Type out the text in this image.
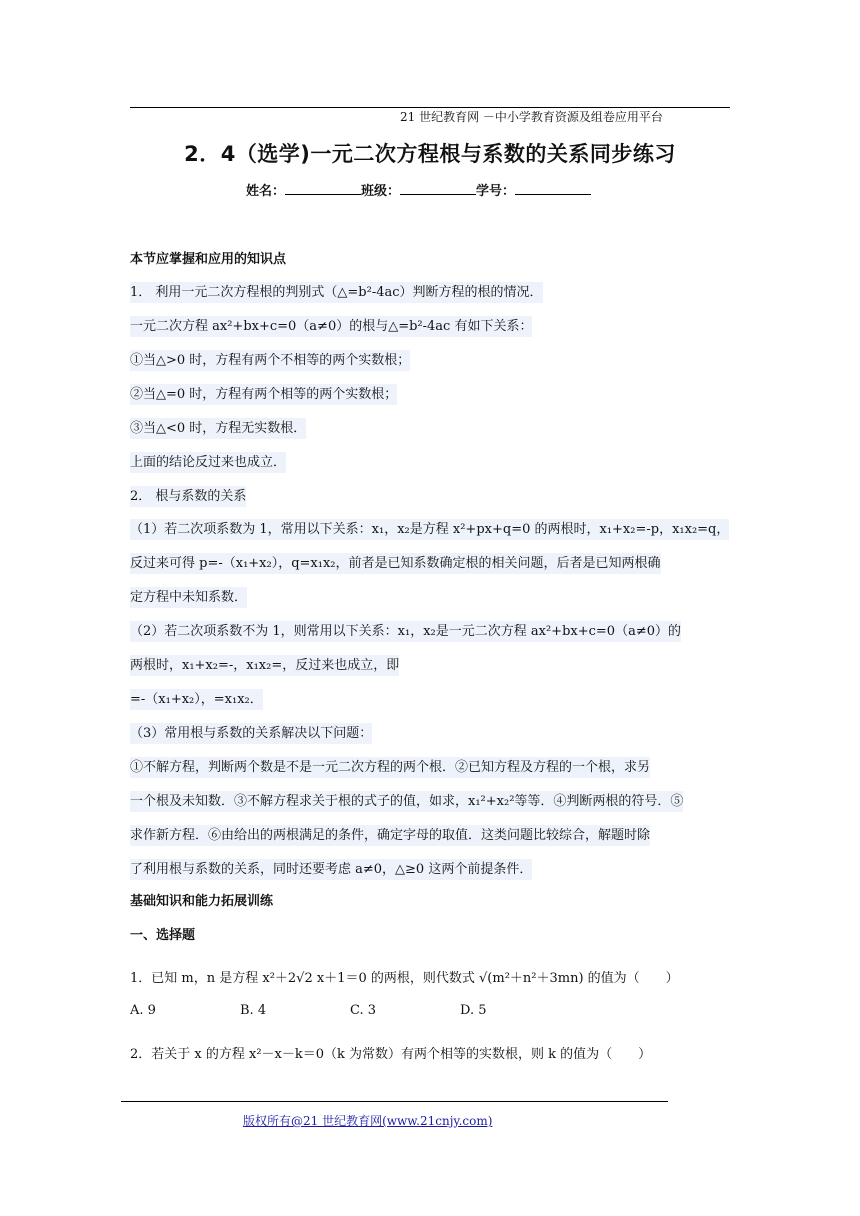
21 世纪教育网 －中小学教育资源及组卷应用平台
2．4（选学)一元二次方程根与系数的关系同步练习
姓名：	班级：	学号：
本节应掌握和应用的知识点
1． 利用一元二次方程根的判别式（△=b²-4ac）判断方程的根的情况．
一元二次方程 ax²+bx+c=0（a≠0）的根与△=b²-4ac 有如下关系：
①当△>0 时，方程有两个不相等的两个实数根；
②当△=0 时，方程有两个相等的两个实数根；
③当△<0 时，方程无实数根．
上面的结论反过来也成立．
2． 根与系数的关系
（1）若二次项系数为 1，常用以下关系：x₁，x₂是方程 x²+px+q=0 的两根时，x₁+x₂=-p，x₁x₂=q，
反过来可得 p=-（x₁+x₂），q=x₁x₂，前者是已知系数确定根的相关问题，后者是已知两根确
定方程中未知系数．
（2）若二次项系数不为 1，则常用以下关系：x₁，x₂是一元二次方程 ax²+bx+c=0（a≠0）的
两根时，x₁+x₂=-，x₁x₂=，反过来也成立，即
=-（x₁+x₂），=x₁x₂．
（3）常用根与系数的关系解决以下问题：
①不解方程，判断两个数是不是一元二次方程的两个根．②已知方程及方程的一个根，求另
一个根及未知数．③不解方程求关于根的式子的值，如求，x₁²+x₂²等等．④判断两根的符号．⑤
求作新方程．⑥由给出的两根满足的条件，确定字母的取值．这类问题比较综合，解题时除
了利用根与系数的关系，同时还要考虑 a≠0，△≥0 这两个前提条件．
基础知识和能力拓展训练
一、选择题
1．已知 m，n 是方程 x²＋2√2 x＋1＝0 的两根，则代数式 √(m²＋n²＋3mn) 的值为（　　）
A. 9	B. 4	C. 3	D. 5
2．若关于 x 的方程 x²－x－k＝0（k 为常数）有两个相等的实数根，则 k 的值为（　　）
版权所有@21 世纪教育网(www.21cnjy.com)
